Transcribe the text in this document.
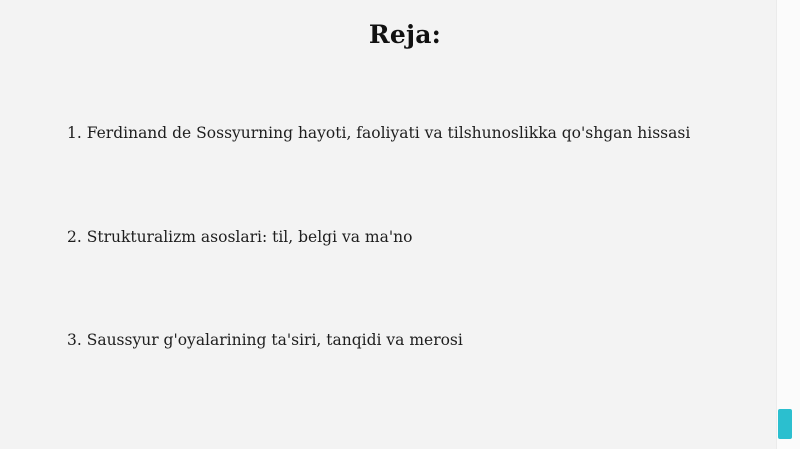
Reja:
1. Ferdinand de Sossyurning hayoti, faoliyati va tilshunoslikka qo'shgan hissasi
2. Strukturalizm asoslari: til, belgi va ma'no
3. Saussyur g'oyalarining ta'siri, tanqidi va merosi
